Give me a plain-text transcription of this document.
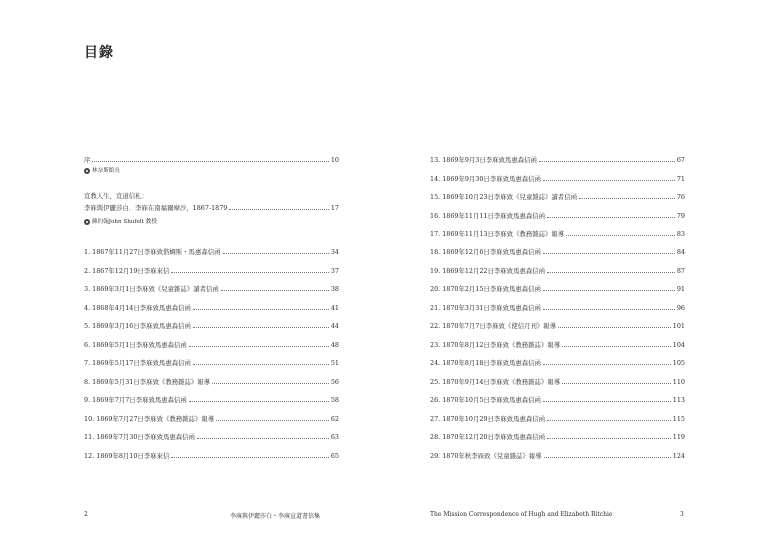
目錄
序	10
林奈斯館長
宣教人生，宣道信札：
李庥與伊麗莎白．李庥在南福爾摩沙，1867-1879	17
蘇約翰John Shufelt 教授
1. 1867年11月27日李庥致偕蜩斯・馬惠森信函	34
2. 1867年12月19日李庥來信	37
3. 1869年3月1日李庥致《兒童雜誌》讀者信函	38
4. 1868年4月14日李庥致馬惠森信函	41
5. 1869年3月16日李庥致馬惠森信函	44
6. 1869年5月1日李庥致馬惠森信函	48
7. 1869年5月17日李庥致馬惠森信函	51
8. 1869年5月31日李庥致《教務雜誌》報導	56
9. 1869年7月7日李庥致馬惠森信函	58
10. 1869年7月27日李庥致《教務雜誌》報導	62
11. 1869年7月30日李庥致馬惠森信函	63
12. 1869年8月10日李庥來信	65
13. 1869年9月3日李庥致馬惠森信函	67
14. 1869年9月30日李庥致馬惠森信函	71
15. 1869年10月23日李庥致《兒童雜誌》讀者信函	76
16. 1869年11月11日李庥致馬惠森信函	79
17. 1869年11月13日李庥致《教務雜誌》報導	83
18. 1869年12月6日李庥致馬惠森信函	84
19. 1869年12月22日李庥致馬惠森信函	87
20. 1870年2月15日李庥致馬惠森信函	91
21. 1870年3月31日李庥致馬惠森信函	96
22. 1870年7月7日李庥致《使信月刊》報導	101
23. 1870年8月12日李庥致《教務雜誌》報導	104
24. 1870年8月18日李庥致馬惠森信函	105
25. 1870年9月14日李庥致《教務雜誌》報導	110
26. 1870年10月5日李庥致馬惠森信函	113
27. 1870年10月29日李庥致馬惠森信函	115
28. 1870年12月20日李庥致馬惠森信函	119
29. 1870年秋李庥致《兒童雜誌》報導	124
2	李庥與伊麗莎白・李庥宣道書信集	The Mission Correspondence of Hugh and Elizabeth Ritchie	3
